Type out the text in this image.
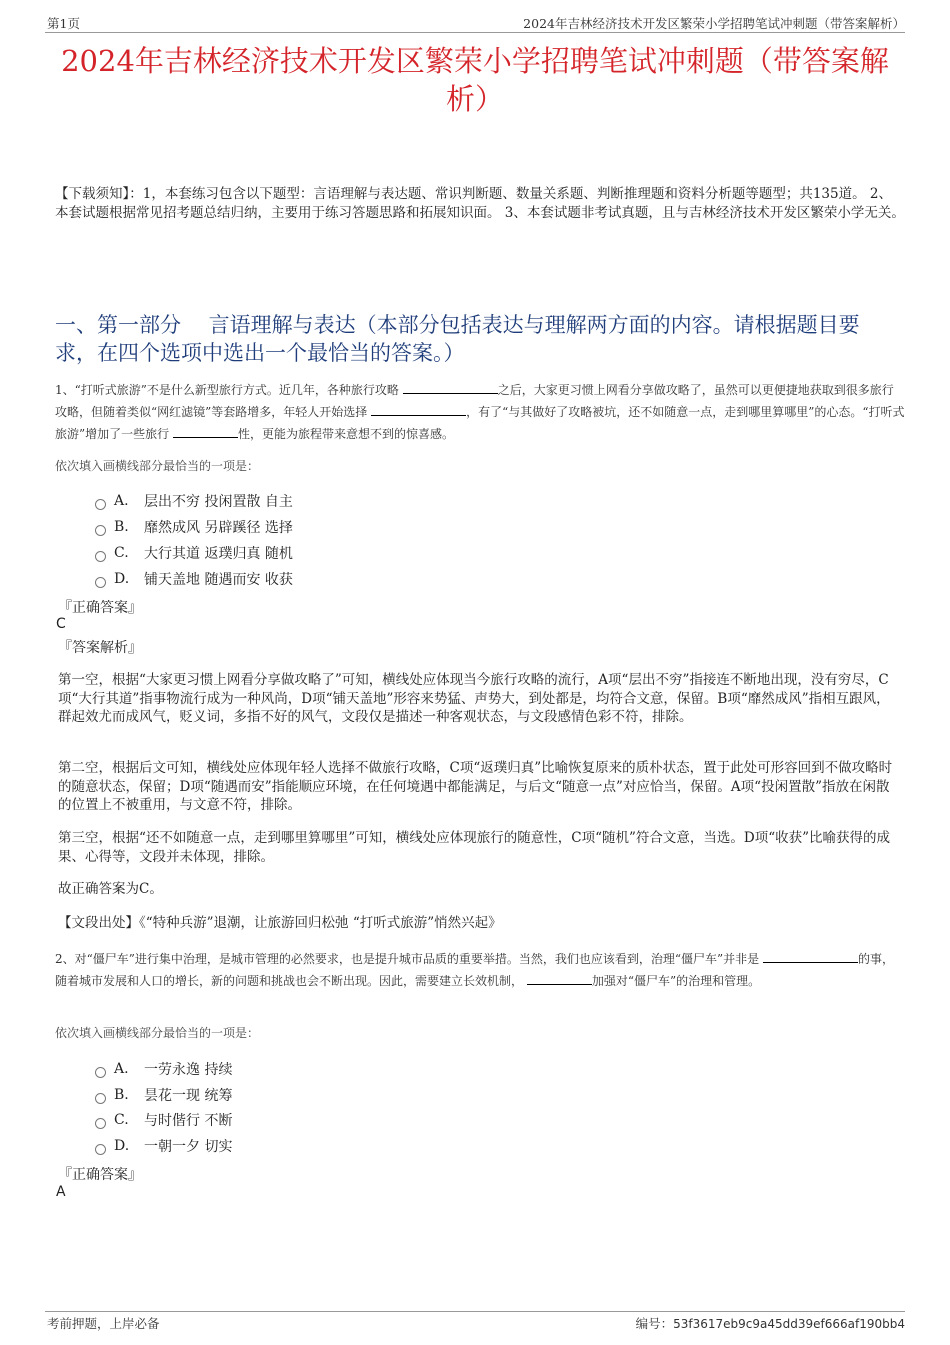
第1页	2024年吉林经济技术开发区繁荣小学招聘笔试冲刺题（带答案解析）
2024年吉林经济技术开发区繁荣小学招聘笔试冲刺题（带答案解析）
【下载须知】：1，本套练习包含以下题型：言语理解与表达题、常识判断题、数量关系题、判断推理题和资料分析题等题型；共135道。 2、本套试题根据常见招考题总结归纳，主要用于练习答题思路和拓展知识面。 3、本套试题非考试真题，且与吉林经济技术开发区繁荣小学无关。
一、第一部分　 言语理解与表达（本部分包括表达与理解两方面的内容。请根据题目要求，在四个选项中选出一个最恰当的答案。）
1、“打听式旅游”不是什么新型旅行方式。近几年，各种旅行攻略	之后，大家更习惯上网看分享做攻略了，虽然可以更便捷地获取到很多旅行攻略，但随着类似“网红滤镜”等套路增多，年轻人开始选择	，有了“与其做好了攻略被坑，还不如随意一点，走到哪里算哪里”的心态。“打听式旅游”增加了一些旅行	性，更能为旅程带来意想不到的惊喜感。
依次填入画横线部分最恰当的一项是：
A.	层出不穷 投闲置散 自主
B.	靡然成风 另辟蹊径 选择
C.	大行其道 返璞归真 随机
D.	铺天盖地 随遇而安 收获
『正确答案』
C
『答案解析』
第一空，根据“大家更习惯上网看分享做攻略了”可知，横线处应体现当今旅行攻略的流行，A项“层出不穷”指接连不断地出现，没有穷尽，C项“大行其道”指事物流行成为一种风尚，D项“铺天盖地”形容来势猛、声势大，到处都是，均符合文意，保留。B项“靡然成风”指相互跟风，群起效尤而成风气，贬义词，多指不好的风气，文段仅是描述一种客观状态，与文段感情色彩不符，排除。
第二空，根据后文可知，横线处应体现年轻人选择不做旅行攻略，C项“返璞归真”比喻恢复原来的质朴状态，置于此处可形容回到不做攻略时的随意状态，保留；D项“随遇而安”指能顺应环境，在任何境遇中都能满足，与后文“随意一点”对应恰当，保留。A项“投闲置散”指放在闲散的位置上不被重用，与文意不符，排除。
第三空，根据“还不如随意一点，走到哪里算哪里”可知，横线处应体现旅行的随意性，C项“随机”符合文意，当选。D项“收获”比喻获得的成果、心得等，文段并未体现，排除。
故正确答案为C。
【文段出处】《“特种兵游”退潮，让旅游回归松弛 “打听式旅游”悄然兴起》
2、对“僵尸车”进行集中治理，是城市管理的必然要求，也是提升城市品质的重要举措。当然，我们也应该看到，治理“僵尸车”并非是	的事，随着城市发展和人口的增长，新的问题和挑战也会不断出现。因此，需要建立长效机制，	加强对“僵尸车”的治理和管理。
依次填入画横线部分最恰当的一项是：
A.	一劳永逸 持续
B.	昙花一现 统筹
C.	与时偕行 不断
D.	一朝一夕 切实
『正确答案』
A
考前押题，上岸必备	编号：53f3617eb9c9a45dd39ef666af190bb4
